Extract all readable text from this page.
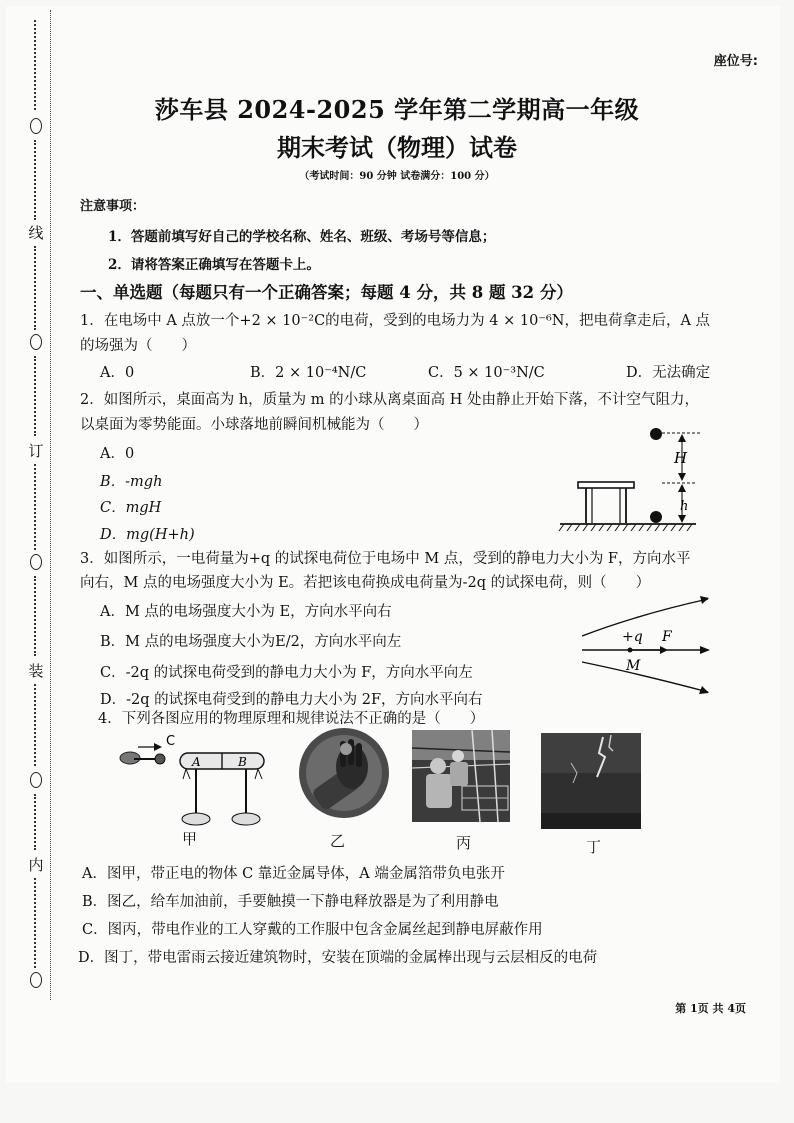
线
订
装
内
座位号:
莎车县 2024-2025 学年第二学期高一年级
期末考试（物理）试卷
（考试时间：90 分钟 试卷满分：100 分）
注意事项：
1．答题前填写好自己的学校名称、姓名、班级、考场号等信息；
2．请将答案正确填写在答题卡上。
一、单选题（每题只有一个正确答案；每题 4 分，共 8 题 32 分）
1．在电场中 A 点放一个+2 × 10⁻²C的电荷，受到的电场力为 4 × 10⁻⁶N，把电荷拿走后，A 点
的场强为（　　）
A．0	B．2 × 10⁻⁴N/C	C．5 × 10⁻³N/C	D．无法确定
2．如图所示，桌面高为 h，质量为 m 的小球从离桌面高 H 处由静止开始下落，不计空气阻力，
以桌面为零势能面。小球落地前瞬间机械能为（　　）
A．0
B．-mgh
C．mgH
D．mg(H+h)
H
h
3．如图所示，一电荷量为+q 的试探电荷位于电场中 M 点，受到的静电力大小为 F，方向水平
向右，M 点的电场强度大小为 E。若把该电荷换成电荷量为-2q 的试探电荷，则（　　）
A．M 点的电场强度大小为 E，方向水平向右
B．M 点的电场强度大小为E/2，方向水平向左
C．-2q 的试探电荷受到的静电力大小为 F，方向水平向左
D．-2q 的试探电荷受到的静电力大小为 2F，方向水平向右
+q F
M
4．下列各图应用的物理原理和规律说法不正确的是（　　）
C
A	B
甲	乙	丙	丁
A．图甲，带正电的物体 C 靠近金属导体，A 端金属箔带负电张开
B．图乙，给车加油前，手要触摸一下静电释放器是为了利用静电
C．图丙，带电作业的工人穿戴的工作服中包含金属丝起到静电屏蔽作用
D．图丁，带电雷雨云接近建筑物时，安装在顶端的金属棒出现与云层相反的电荷
第 1页 共 4页
